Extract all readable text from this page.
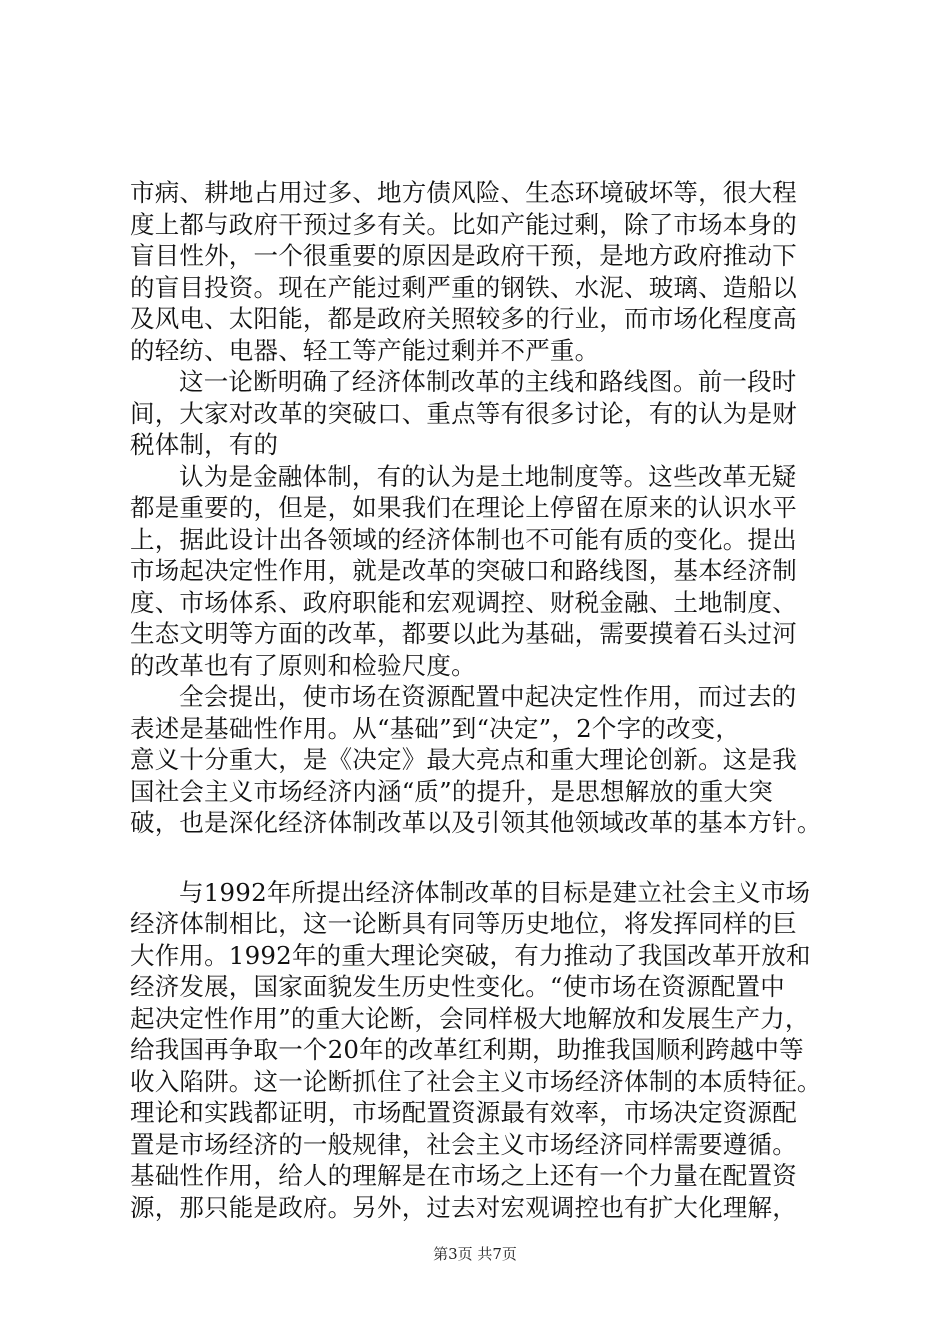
市病、耕地占用过多、地方债风险、生态环境破坏等，很大程
度上都与政府干预过多有关。比如产能过剩，除了市场本身的
盲目性外，一个很重要的原因是政府干预，是地方政府推动下
的盲目投资。现在产能过剩严重的钢铁、水泥、玻璃、造船以
及风电、太阳能，都是政府关照较多的行业，而市场化程度高
的轻纺、电器、轻工等产能过剩并不严重。
这一论断明确了经济体制改革的主线和路线图。前一段时
间，大家对改革的突破口、重点等有很多讨论，有的认为是财
税体制，有的
认为是金融体制，有的认为是土地制度等。这些改革无疑
都是重要的，但是，如果我们在理论上停留在原来的认识水平
上，据此设计出各领域的经济体制也不可能有质的变化。提出
市场起决定性作用，就是改革的突破口和路线图，基本经济制
度、市场体系、政府职能和宏观调控、财税金融、土地制度、
生态文明等方面的改革，都要以此为基础，需要摸着石头过河
的改革也有了原则和检验尺度。
全会提出，使市场在资源配置中起决定性作用，而过去的
表述是基础性作用。从“基础”到“决定”，2个字的改变，
意义十分重大，是《决定》最大亮点和重大理论创新。这是我
国社会主义市场经济内涵“质”的提升，是思想解放的重大突
破，也是深化经济体制改革以及引领其他领域改革的基本方针。
与1992年所提出经济体制改革的目标是建立社会主义市场
经济体制相比，这一论断具有同等历史地位，将发挥同样的巨
大作用。1992年的重大理论突破，有力推动了我国改革开放和
经济发展，国家面貌发生历史性变化。“使市场在资源配置中
起决定性作用”的重大论断，会同样极大地解放和发展生产力，
给我国再争取一个20年的改革红利期，助推我国顺利跨越中等
收入陷阱。这一论断抓住了社会主义市场经济体制的本质特征。
理论和实践都证明，市场配置资源最有效率，市场决定资源配
置是市场经济的一般规律，社会主义市场经济同样需要遵循。
基础性作用，给人的理解是在市场之上还有一个力量在配置资
源，那只能是政府。另外，过去对宏观调控也有扩大化理解，
第3页 共7页
